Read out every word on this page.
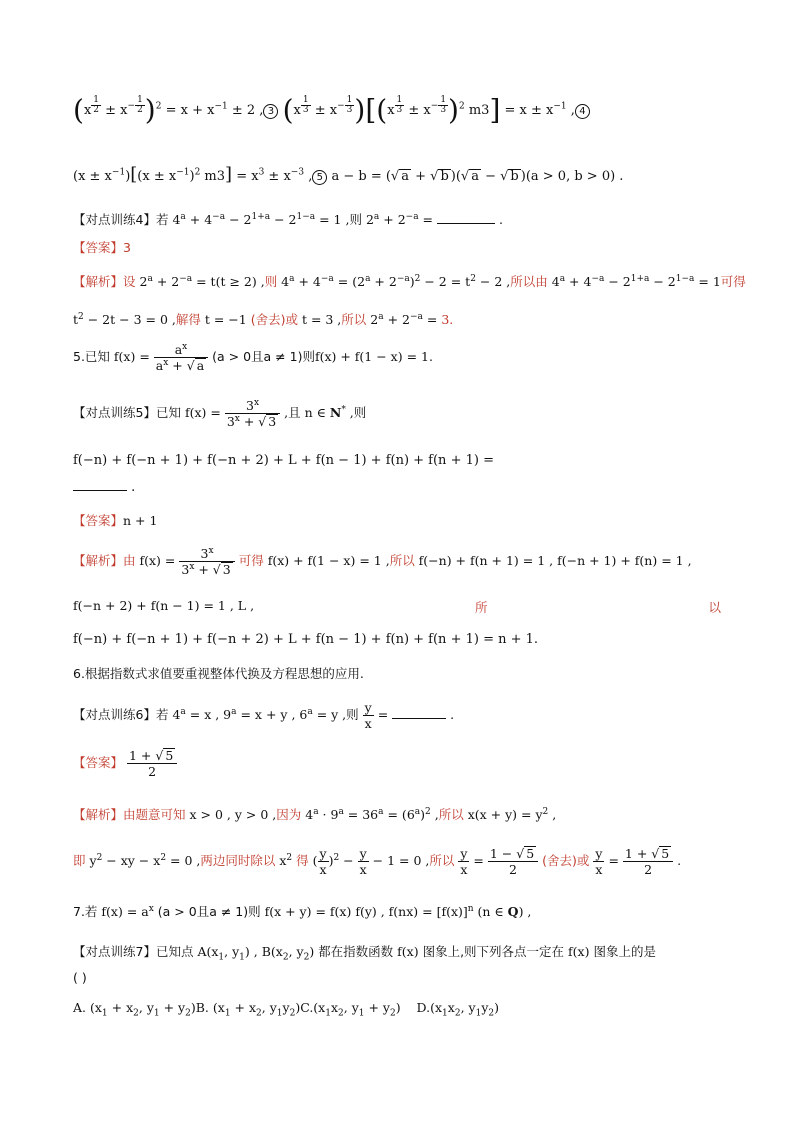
(x $^{\frac{1}{2}} \pm x^{- \frac{1}{2}}$ )$^2 = x + x^{-1} \pm 2$ , 3 (x $^{\frac{1}{3}} \pm x^{- \frac{1}{3}}$ )[(x $^{\frac{1}{3}} \pm x^{- \frac{1}{3}}$ )$^2$ $m3] = x \pm x^{-1}$ , 4
$(x \pm x^{-1})[(x \pm x^{-1})^2$ $m3] = x^3 \pm x^{-3}$ , 5 a − b = (√ a + √ b )(√ a − √ b )(a > 0, b > 0) .
【对点训练4】若 $4^a + 4^{-a} - 2^{1+a} - 2^{1-a} = 1$ ,则 $2^a + 2^{-a}$ =	.
【答案】3
【解析】设 $2^a + 2^{-a} = t(t \ge 2)$ ,则 $4^a + 4^{-a} = (2^a + 2^{-a})^2 - 2 = t^2 - 2$ ,所以由 $4^a + 4^{-a} - 2^{1+a} - 2^{1-a} = 1$可得
$t^2 - 2t - 3 = 0$ ,解得 t = −1 (舍去)或 t = 3 ,所以 $2^a + 2^{-a} = 3$.
5.已知 $f(x) = \frac{a^x}{a^x + √ a} (a > 0$且a ≠ 1)则f(x) + f(1 − x) = 1.
【对点训练5】已知 $f(x) = \frac{3^x}{3^x + √ 3}$ ,且 n ∈ N* ,则
f(−n) + f(−n + 1) + f(−n + 2) + L + f(n − 1) + f(n) + f(n + 1) =
.
【答案】n + 1
【解析】由 $f(x) = \frac{3^x}{3^x + √ 3}$ 可得 f(x) + f(1 − x) = 1 ,所以 f(−n) + f(n + 1) = 1 , f(−n + 1) + f(n) = 1 ,
f(−n + 2) + f(n − 1) = 1 , L ,	所	以
f(−n) + f(−n + 1) + f(−n + 2) + L + f(n − 1) + f(n) + f(n + 1) = n + 1.
6.根据指数式求值要重视整体代换及方程思想的应用.
【对点训练6】若 $4^a = x$ , $9^a = x + y$ , $6^a = y$ ,则 $\frac{y}{x}$ =	.
【答案】 $\frac{1 + √ 5}{2}$
【解析】由题意可知 x > 0 , y > 0 ,因为 $4^a \cdot 9^a = 36^a = (6^a)^2$ ,所以 $x(x + y) = y^2$ ,
即 $y^2$ − xy − $x^2 = 0$ ,两边同时除以 $x^2$ 得 ( $\frac{y}{x} )^2 - \frac{y}{x} - 1 = 0$ ,所以 $\frac{y}{x} = \frac{1 - √ 5}{2}$ (舍去)或 $\frac{y}{x} = \frac{1 + √ 5}{2}$ .
7.若 $f(x) = a^x$ (a > 0且a ≠ 1)则 f(x + y) = f(x) f(y) , $f(nx) = [f(x)]^n$ (n ∈ Q) ,
【对点训练7】已知点 $A(x_1$, $y_1$) , $B(x_2$, $y_2$) 都在指数函数 f(x) 图象上,则下列各点一定在 f(x) 图象上的是
( )
A. ($x_1 + x_2$, $y_1 + y_2)B$. ($x_1 + x_2$, $y_1y_2)C.(x_1x_2$, $y_1 + y_2$) $D.(x_1x_2$, $y_1y_2$)
